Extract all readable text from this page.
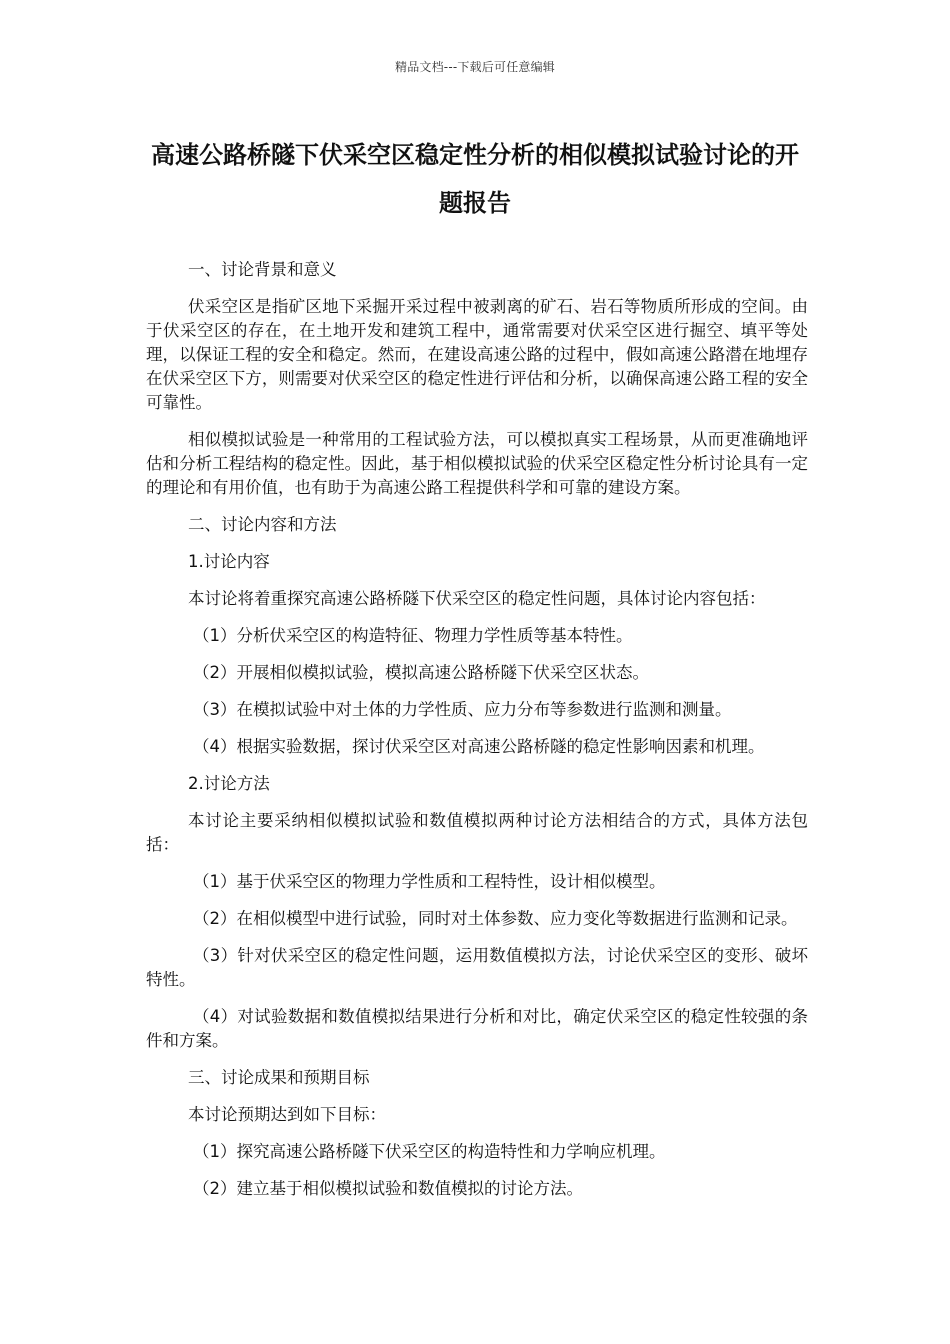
精品文档---下载后可任意编辑
高速公路桥隧下伏采空区稳定性分析的相似模拟试验讨论的开题报告

一、讨论背景和意义

伏采空区是指矿区地下采掘开采过程中被剥离的矿石、岩石等物质所形成的空间。由于伏采空区的存在，在土地开发和建筑工程中，通常需要对伏采空区进行掘空、填平等处理，以保证工程的安全和稳定。然而，在建设高速公路的过程中，假如高速公路潜在地埋存在伏采空区下方，则需要对伏采空区的稳定性进行评估和分析，以确保高速公路工程的安全可靠性。

相似模拟试验是一种常用的工程试验方法，可以模拟真实工程场景，从而更准确地评估和分析工程结构的稳定性。因此，基于相似模拟试验的伏采空区稳定性分析讨论具有一定的理论和有用价值，也有助于为高速公路工程提供科学和可靠的建设方案。

二、讨论内容和方法

1.讨论内容

本讨论将着重探究高速公路桥隧下伏采空区的稳定性问题，具体讨论内容包括：

（1）分析伏采空区的构造特征、物理力学性质等基本特性。

（2）开展相似模拟试验，模拟高速公路桥隧下伏采空区状态。

（3）在模拟试验中对土体的力学性质、应力分布等参数进行监测和测量。

（4）根据实验数据，探讨伏采空区对高速公路桥隧的稳定性影响因素和机理。

2.讨论方法

本讨论主要采纳相似模拟试验和数值模拟两种讨论方法相结合的方式，具体方法包括：

（1）基于伏采空区的物理力学性质和工程特性，设计相似模型。

（2）在相似模型中进行试验，同时对土体参数、应力变化等数据进行监测和记录。

（3）针对伏采空区的稳定性问题，运用数值模拟方法，讨论伏采空区的变形、破坏特性。

（4）对试验数据和数值模拟结果进行分析和对比，确定伏采空区的稳定性较强的条件和方案。

三、讨论成果和预期目标

本讨论预期达到如下目标：

（1）探究高速公路桥隧下伏采空区的构造特性和力学响应机理。

（2）建立基于相似模拟试验和数值模拟的讨论方法。
